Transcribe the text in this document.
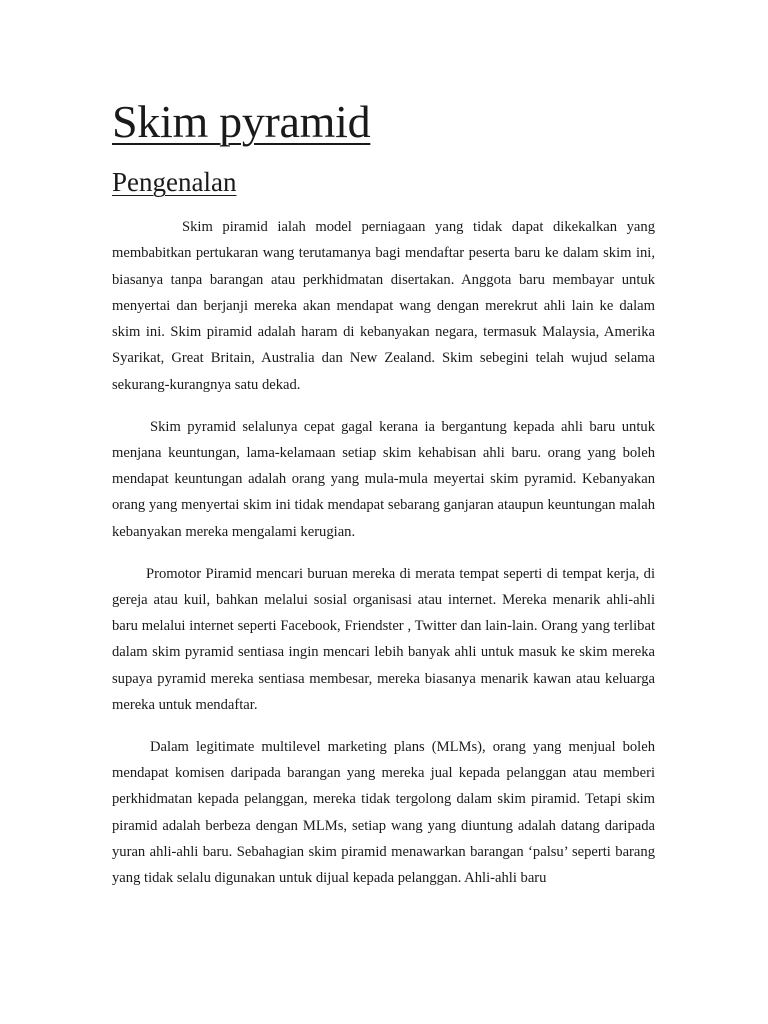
Skim pyramid
Pengenalan

Skim piramid ialah model perniagaan yang tidak dapat dikekalkan yang membabitkan pertukaran wang terutamanya bagi mendaftar peserta baru ke dalam skim ini, biasanya tanpa barangan atau perkhidmatan disertakan. Anggota baru membayar untuk menyertai dan berjanji mereka akan mendapat wang dengan merekrut ahli lain ke dalam skim ini. Skim piramid adalah haram di kebanyakan negara, termasuk Malaysia, Amerika Syarikat, Great Britain, Australia dan New Zealand. Skim sebegini telah wujud selama sekurang-kurangnya satu dekad.

Skim pyramid selalunya cepat gagal kerana ia bergantung kepada ahli baru untuk menjana keuntungan, lama-kelamaan setiap skim kehabisan ahli baru. orang yang boleh mendapat keuntungan adalah orang yang mula-mula meyertai skim pyramid. Kebanyakan orang yang menyertai skim ini tidak mendapat sebarang ganjaran ataupun keuntungan malah kebanyakan mereka mengalami kerugian.

Promotor Piramid mencari buruan mereka di merata tempat seperti di tempat kerja, di gereja atau kuil, bahkan melalui sosial organisasi atau internet. Mereka menarik ahli-ahli baru melalui internet seperti Facebook, Friendster , Twitter dan lain-lain. Orang yang terlibat dalam skim pyramid sentiasa ingin mencari lebih banyak ahli untuk masuk ke skim mereka supaya pyramid mereka sentiasa membesar, mereka biasanya menarik kawan atau keluarga mereka untuk mendaftar.

Dalam legitimate multilevel marketing plans (MLMs), orang yang menjual boleh mendapat komisen daripada barangan yang mereka jual kepada pelanggan atau memberi perkhidmatan kepada pelanggan, mereka tidak tergolong dalam skim piramid. Tetapi skim piramid adalah berbeza dengan MLMs, setiap wang yang diuntung adalah datang daripada yuran ahli-ahli baru. Sebahagian skim piramid menawarkan barangan ‘palsu’ seperti barang yang tidak selalu digunakan untuk dijual kepada pelanggan. Ahli-ahli baru
